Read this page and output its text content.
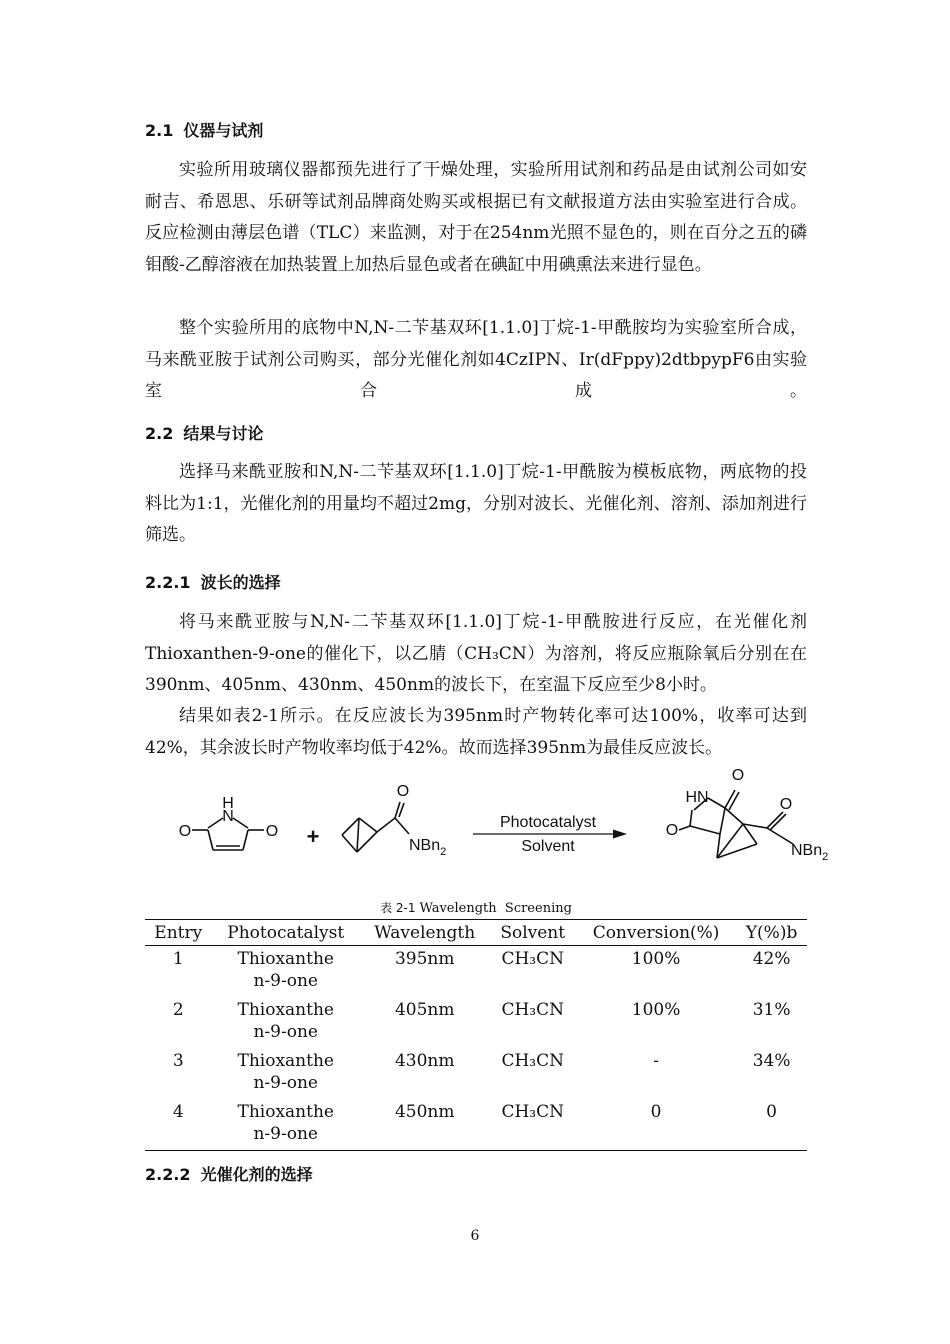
2.1 仪器与试剂

实验所用玻璃仪器都预先进行了干燥处理，实验所用试剂和药品是由试剂公司如安耐吉、希恩思、乐研等试剂品牌商处购买或根据已有文献报道方法由实验室进行合成。反应检测由薄层色谱（TLC）来监测，对于在254nm光照不显色的，则在百分之五的磷钼酸-乙醇溶液在加热装置上加热后显色或者在碘缸中用碘熏法来进行显色。

整个实验所用的底物中N,N-二苄基双环[1.1.0]丁烷-1-甲酰胺均为实验室所合成，马来酰亚胺于试剂公司购买，部分光催化剂如4CzIPN、Ir(dFppy)2dtbpypF6由实验室合成。

2.2 结果与讨论

选择马来酰亚胺和N,N-二苄基双环[1.1.0]丁烷-1-甲酰胺为模板底物，两底物的投料比为1:1，光催化剂的用量均不超过2mg，分别对波长、光催化剂、溶剂、添加剂进行筛选。

2.2.1 波长的选择

将马来酰亚胺与N,N-二苄基双环[1.1.0]丁烷-1-甲酰胺进行反应，在光催化剂Thioxanthen-9-one的催化下，以乙腈（CH₃CN）为溶剂，将反应瓶除氧后分别在在390nm、405nm、430nm、450nm的波长下，在室温下反应至少8小时。

结果如表2-1所示。在反应波长为395nm时产物转化率可达100%，收率可达到42%，其余波长时产物收率均低于42%。故而选择395nm为最佳反应波长。

H
N
O	O +
O
NBn$_2$
Photocatalyst
Solvent
O
HN
O
O
NBn$_2$
表 2-1 Wavelength  Screening
Entry	Photocatalyst	Wavelength	Solvent	Conversion(%)	Y(%)b
1	Thioxanthen-9-one	395nm	CH₃CN	100%	42%
2	Thioxanthen-9-one	405nm	CH₃CN	100%	31%
3	Thioxanthen-9-one	430nm	CH₃CN	-	34%
4	Thioxanthen-9-one	450nm	CH₃CN	0	0
2.2.2 光催化剂的选择
6
